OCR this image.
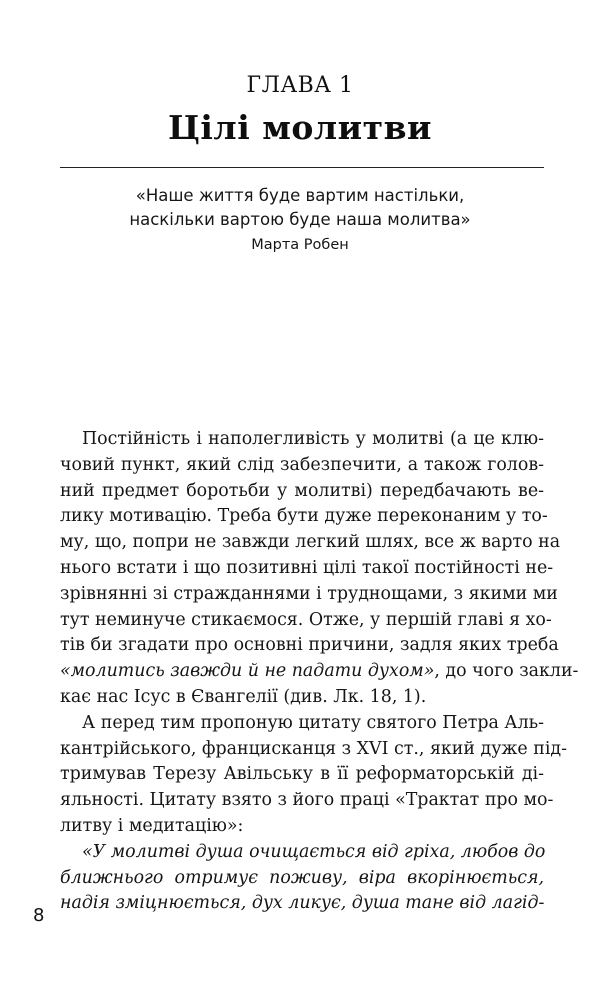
ГЛАВА 1
Цілі молитви
«Наше життя буде вартим настільки,
наскільки вартою буде наша молитва»
Марта Робен
Постійність і наполегливість у молитві (а це клю-
човий пункт, який слід забезпечити, а також голов-
ний предмет боротьби у молитві) передбачають ве-
лику мотивацію. Треба бути дуже переконаним у то-
му, що, попри не завжди легкий шлях, все ж варто на
нього встати і що позитивні цілі такої постійності не-
зрівнянні зі стражданнями і труднощами, з якими ми
тут неминуче стикаємося. Отже, у першій главі я хо-
тів би згадати про основні причини, задля яких треба
«молитись завжди й не падати духом», до чого закли-
кає нас Ісус в Євангелії (див. Лк. 18, 1).
А перед тим пропоную цитату святого Петра Аль-
кантрійського, францисканця з XVI ст., який дуже під-
тримував Терезу Авільську в її реформаторській ді-
яльності. Цитату взято з його праці «Трактат про мо-
литву і медитацію»:
«У молитві душа очищається від гріха, любов до
ближнього отримує поживу, віра вкорінюється,
надія зміцнюється, дух ликує, душа тане від лагід-
8
